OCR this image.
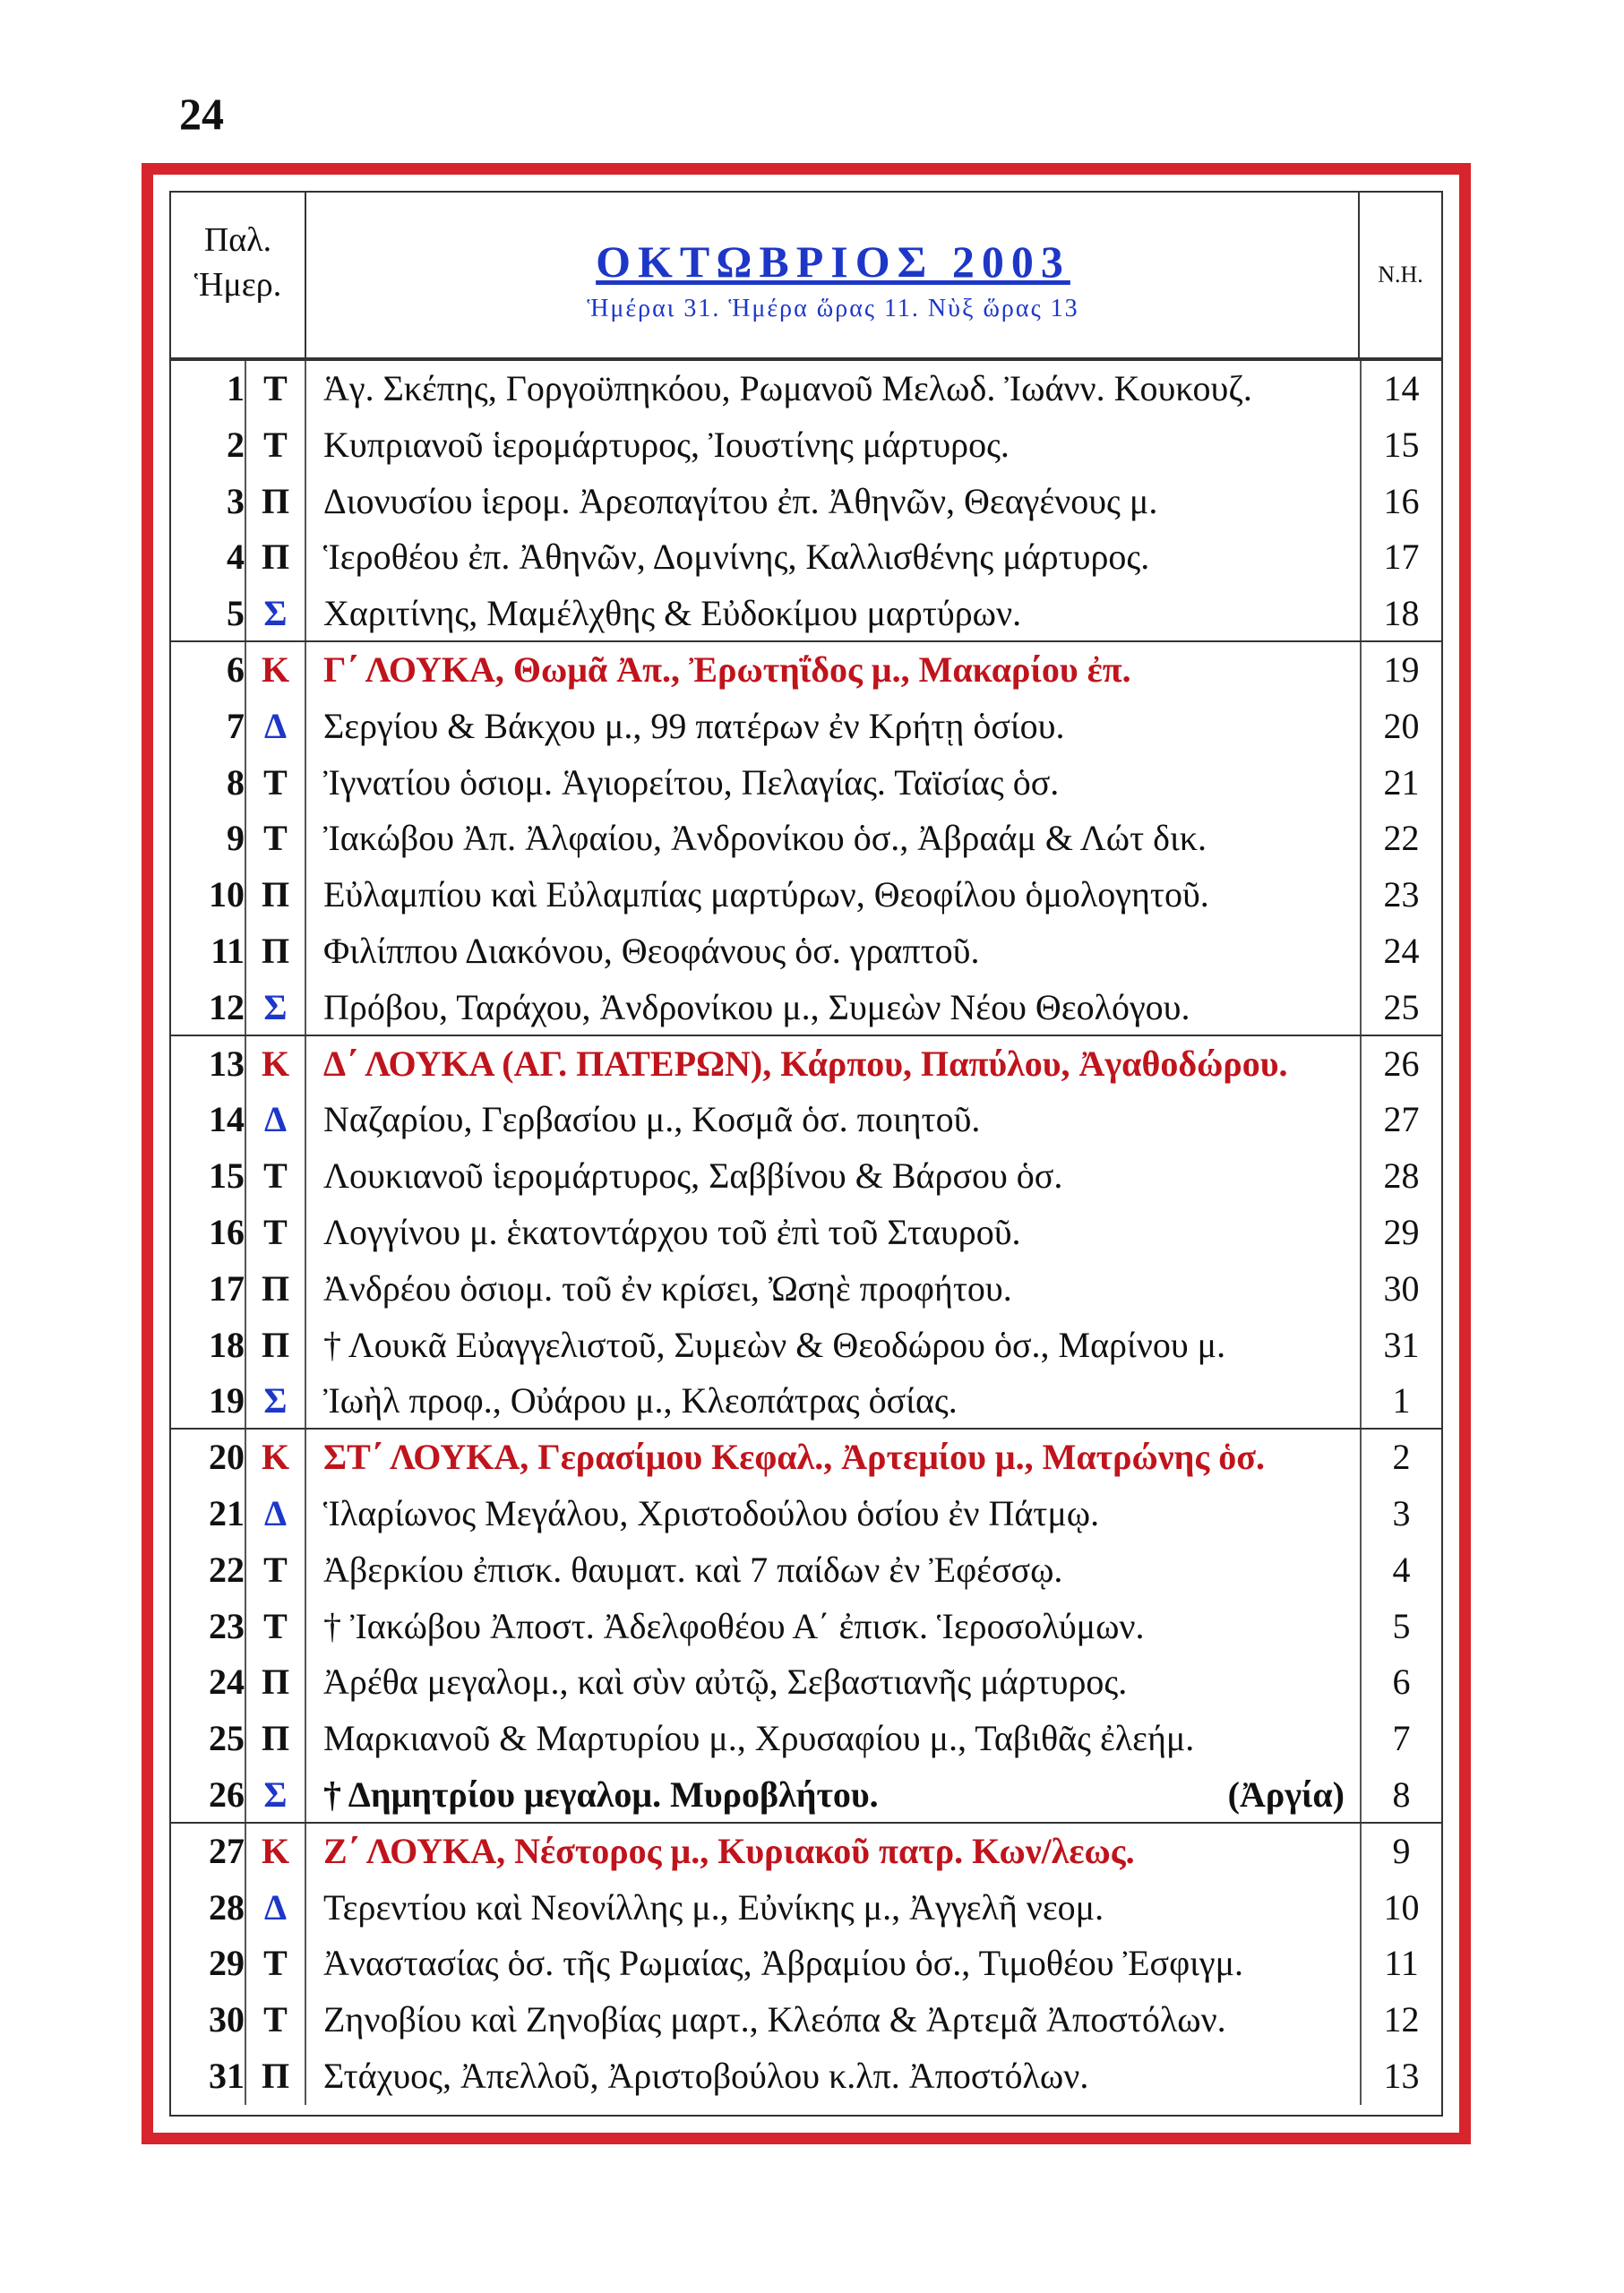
24
Παλ.
Ἡμερ.	ΟΚΤΩΒΡΙΟΣ 2003
Ἡμέραι 31. Ἡμέρα ὥρας 11. Νὺξ ὥρας 13
Ν.Η.
1 Τ	Ἁγ. Σκέπης, Γοργοϋπηκόου, Ρωμανοῦ Μελωδ. Ἰωάνν. Κουκουζ.	14
2 Τ	Κυπριανοῦ ἱερομάρτυρος, Ἰουστίνης μάρτυρος.	15
3 Π Διονυσίου ἱερομ. Ἀρεοπαγίτου ἐπ. Ἀθηνῶν, Θεαγένους μ.	16
4 Π Ἱεροθέου ἐπ. Ἀθηνῶν, Δομνίνης, Καλλισθένης μάρτυρος.	17
5 Σ	Χαριτίνης, Μαμέλχθης & Εὐδοκίμου μαρτύρων.	18
6 Κ Γ΄ ΛΟΥΚΑ, Θωμᾶ Ἀπ., Ἐρωτηΐδος μ., Μακαρίου ἐπ.	19
7 Δ	Σεργίου & Βάκχου μ., 99 πατέρων ἐν Κρήτῃ ὁσίου.	20
8 Τ	Ἰγνατίου ὁσιομ. Ἁγιορείτου, Πελαγίας. Ταϊσίας ὁσ.	21
9 Τ	Ἰακώβου Ἀπ. Ἀλφαίου, Ἀνδρονίκου ὁσ., Ἀβραάμ & Λώτ δικ.	22
10 Π Εὐλαμπίου καὶ Εὐλαμπίας μαρτύρων, Θεοφίλου ὁμολογητοῦ.	23
11 Π Φιλίππου Διακόνου, Θεοφάνους ὁσ. γραπτοῦ.	24
12 Σ	Πρόβου, Ταράχου, Ἀνδρονίκου μ., Συμεὼν Νέου Θεολόγου.	25
13 Κ Δ΄ ΛΟΥΚΑ (ΑΓ. ΠΑΤΕΡΩΝ), Κάρπου, Παπύλου, Ἀγαθοδώρου.	26
14 Δ	Ναζαρίου, Γερβασίου μ., Κοσμᾶ ὁσ. ποιητοῦ.	27
15 Τ	Λουκιανοῦ ἱερομάρτυρος, Σαββίνου & Βάρσου ὁσ.	28
16 Τ	Λογγίνου μ. ἑκατοντάρχου τοῦ ἐπὶ τοῦ Σταυροῦ.	29
17 Π Ἀνδρέου ὁσιομ. τοῦ ἐν κρίσει, Ὠσηὲ προφήτου.	30
18 Π † Λουκᾶ Εὐαγγελιστοῦ, Συμεὼν & Θεοδώρου ὁσ., Μαρίνου μ.	31
19 Σ	Ἰωὴλ προφ., Οὐάρου μ., Κλεοπάτρας ὁσίας.	1
20 Κ ΣΤ΄ ΛΟΥΚΑ, Γερασίμου Κεφαλ., Ἀρτεμίου μ., Ματρώνης ὁσ.	2
21 Δ	Ἱλαρίωνος Μεγάλου, Χριστοδούλου ὁσίου ἐν Πάτμῳ.	3
22 Τ	Ἀβερκίου ἐπισκ. θαυματ. καὶ 7 παίδων ἐν Ἐφέσσῳ.	4
23 Τ	† Ἰακώβου Ἀποστ. Ἀδελφοθέου Α΄ ἐπισκ. Ἱεροσολύμων.	5
24 Π Ἀρέθα μεγαλομ., καὶ σὺν αὐτῷ, Σεβαστιανῆς μάρτυρος.	6
25 Π Μαρκιανοῦ & Μαρτυρίου μ., Χρυσαφίου μ., Ταβιθᾶς ἐλεήμ.	7
26 Σ	† Δημητρίου μεγαλομ. Μυροβλήτου.	(Ἀργία)	8
27 Κ Ζ΄ ΛΟΥΚΑ, Νέστορος μ., Κυριακοῦ πατρ. Κων/λεως.	9
28 Δ	Τερεντίου καὶ Νεονίλλης μ., Εὐνίκης μ., Ἀγγελῆ νεομ.	10
29 Τ	Ἀναστασίας ὁσ. τῆς Ρωμαίας, Ἀβραμίου ὁσ., Τιμοθέου Ἐσφιγμ.	11
30 Τ	Ζηνοβίου καὶ Ζηνοβίας μαρτ., Κλεόπα & Ἀρτεμᾶ Ἀποστόλων.	12
31 Π Στάχυος, Ἀπελλοῦ, Ἀριστοβούλου κ.λπ. Ἀποστόλων.	13
